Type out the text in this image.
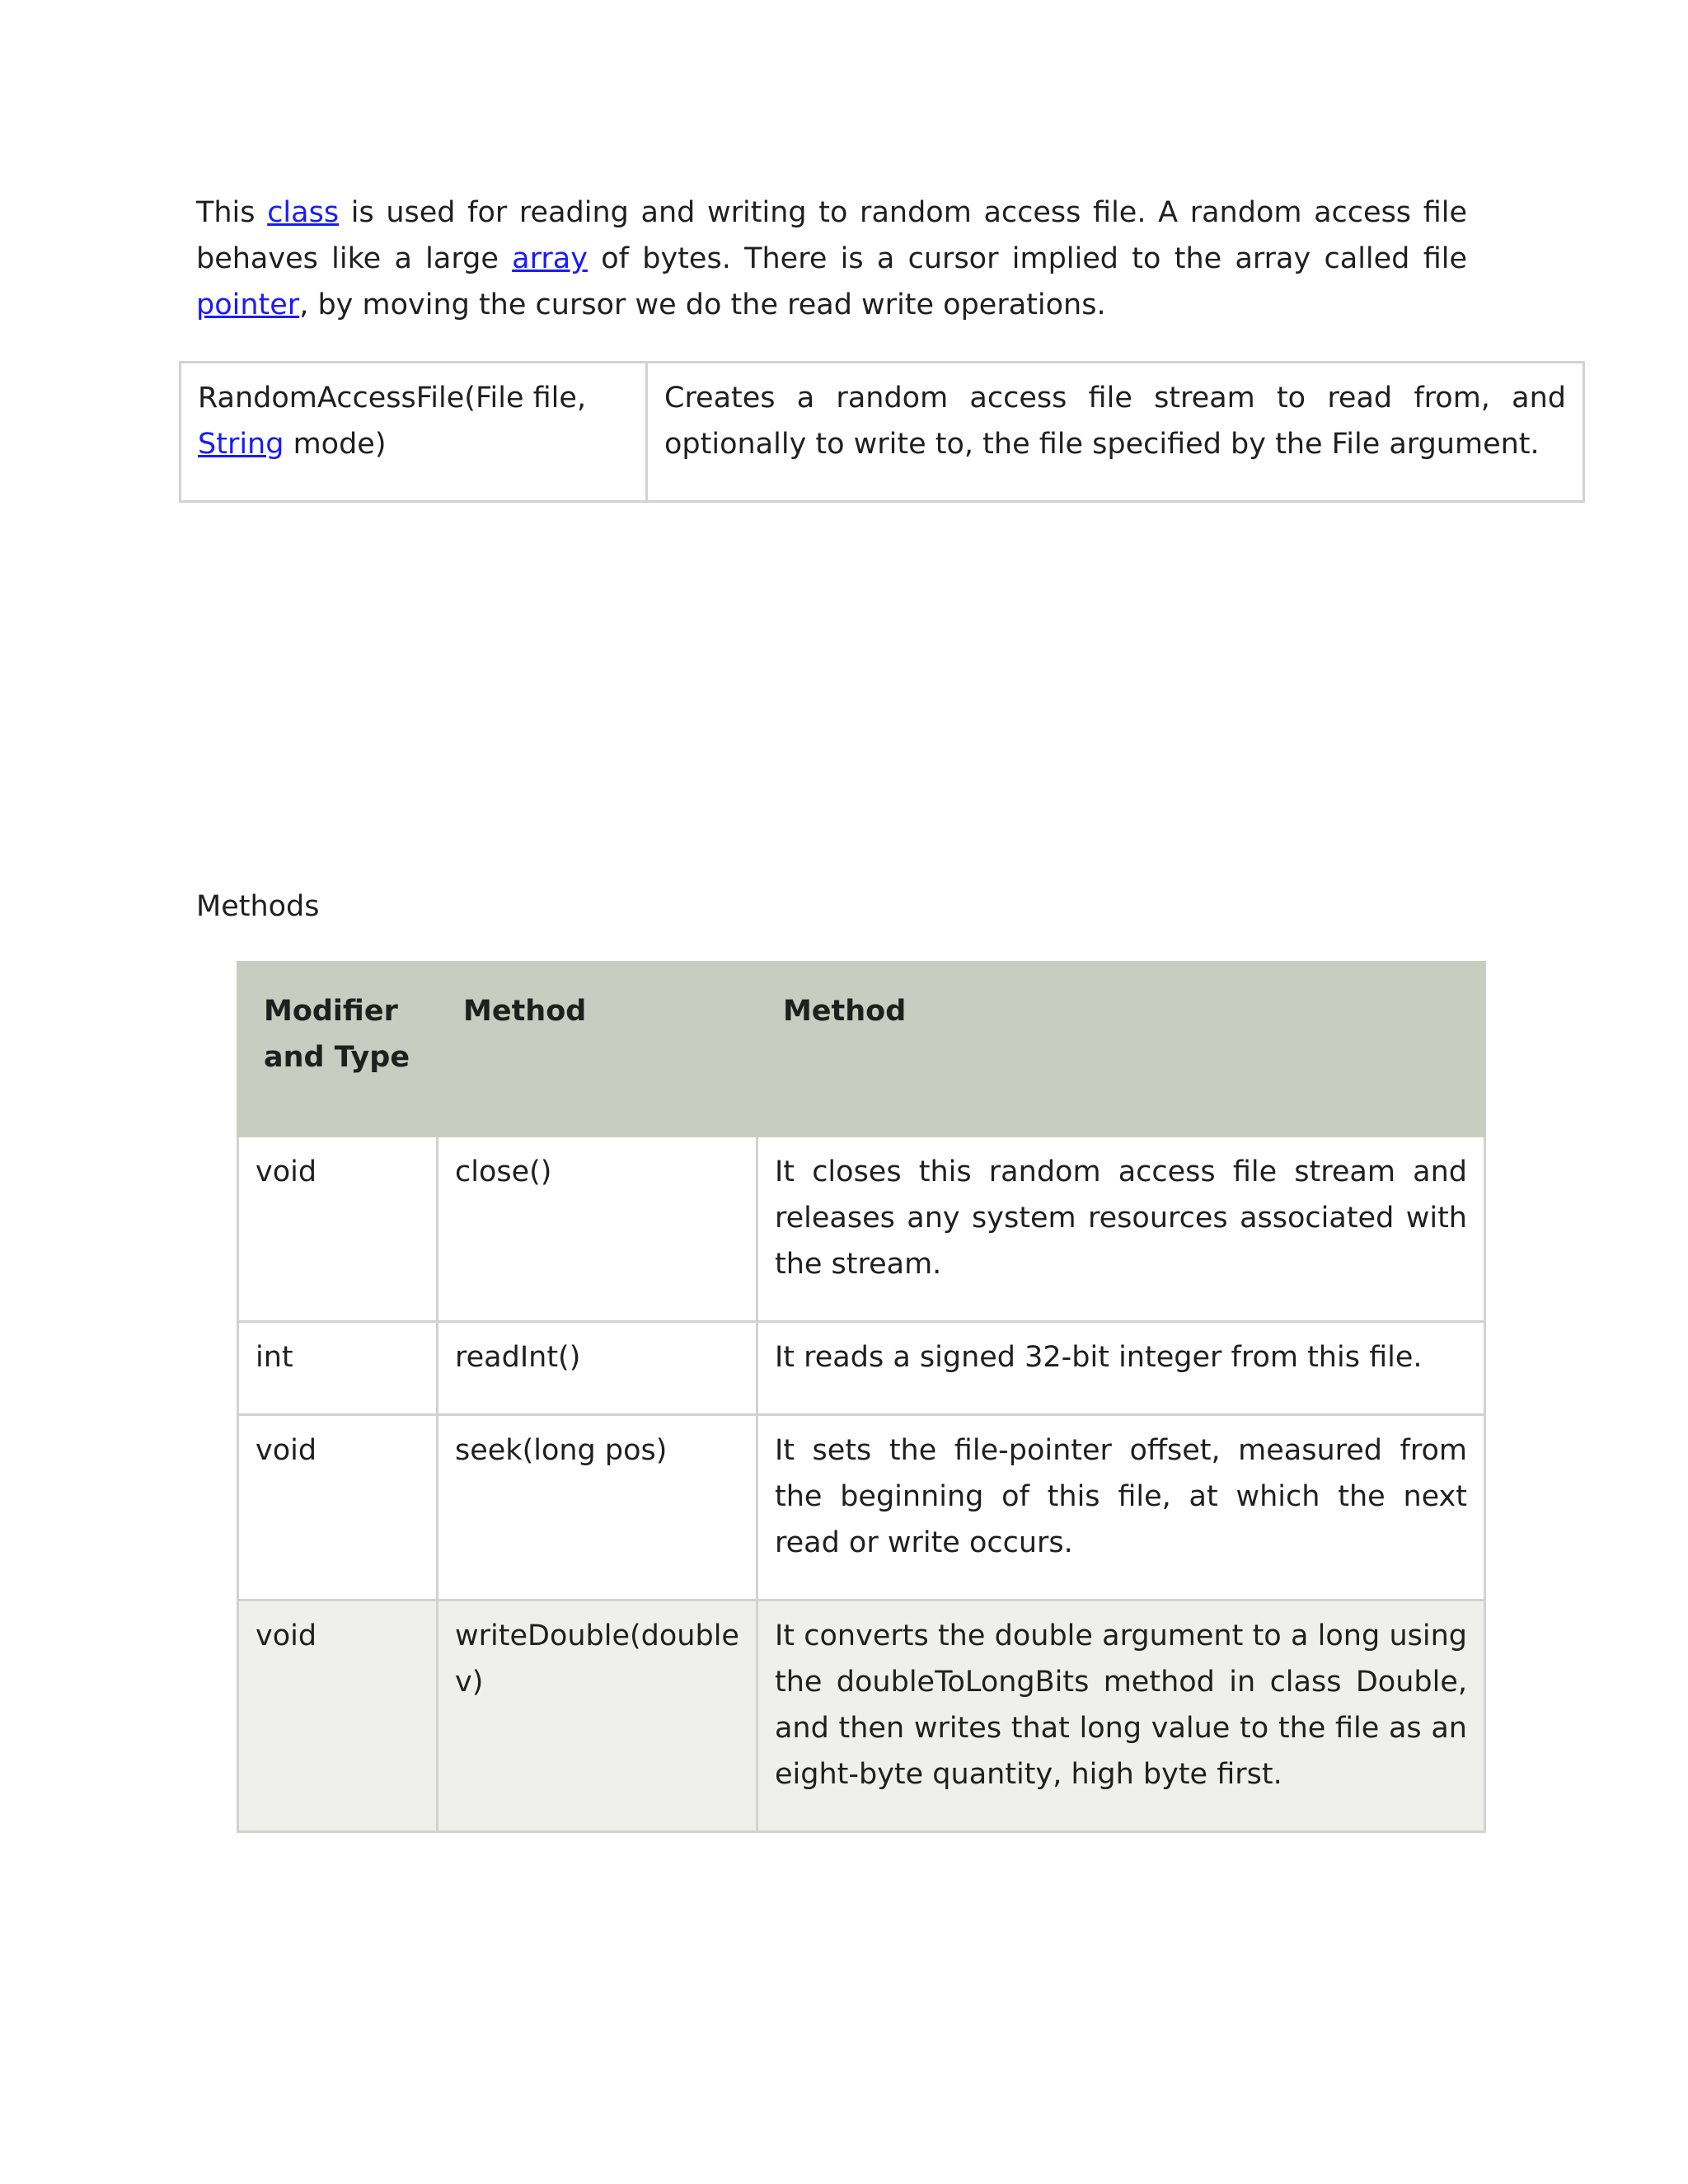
This class is used for reading and writing to random access file. A random access file behaves like a large array of bytes. There is a cursor implied to the array called file pointer, by moving the cursor we do the read write operations.

RandomAccessFile(File file, String mode)	Creates a random access file stream to read from, and optionally to write to, the file specified by the File argument.
Methods
Modifier and Type	Method	Method
void	close()	It closes this random access file stream and releases any system resources associated with the stream.
int	readInt()	It reads a signed 32-bit integer from this file.
void	seek(long pos)	It sets the file-pointer offset, measured from the beginning of this file, at which the next read or write occurs.
void	writeDouble(double v)	It converts the double argument to a long using the doubleToLongBits method in class Double, and then writes that long value to the file as an eight-byte quantity, high byte first.
